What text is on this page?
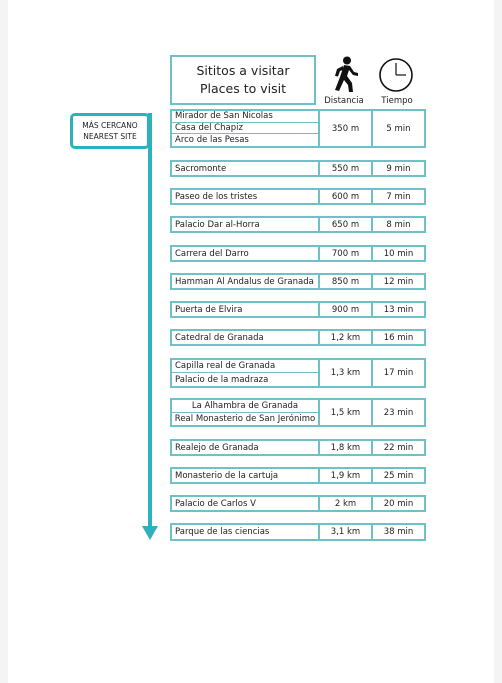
Sititos a visitar
Places to visit
Distancia	Tiempo
MÁS CERCANO
NEAREST SITE
Mirador de San Nicolas
Casa del Chapiz
Arco de las Pesas
350 m	5 min
Sacromonte	550 m	9 min
Paseo de los tristes	600 m	7 min
Palacio Dar al-Horra	650 m	8 min
Carrera del Darro	700 m	10 min
Hamman Al Andalus de Granada	850 m	12 min
Puerta de Elvira	900 m	13 min
Catedral de Granada	1,2 km	16 min
Capilla real de Granada
Palacio de la madraza
1,3 km	17 min
La Alhambra de Granada
Real Monasterio de San Jerónimo
1,5 km	23 min
Realejo de Granada	1,8 km	22 min
Monasterio de la cartuja	1,9 km	25 min
Palacio de Carlos V	2 km	20 min
Parque de las ciencias	3,1 km	38 min
